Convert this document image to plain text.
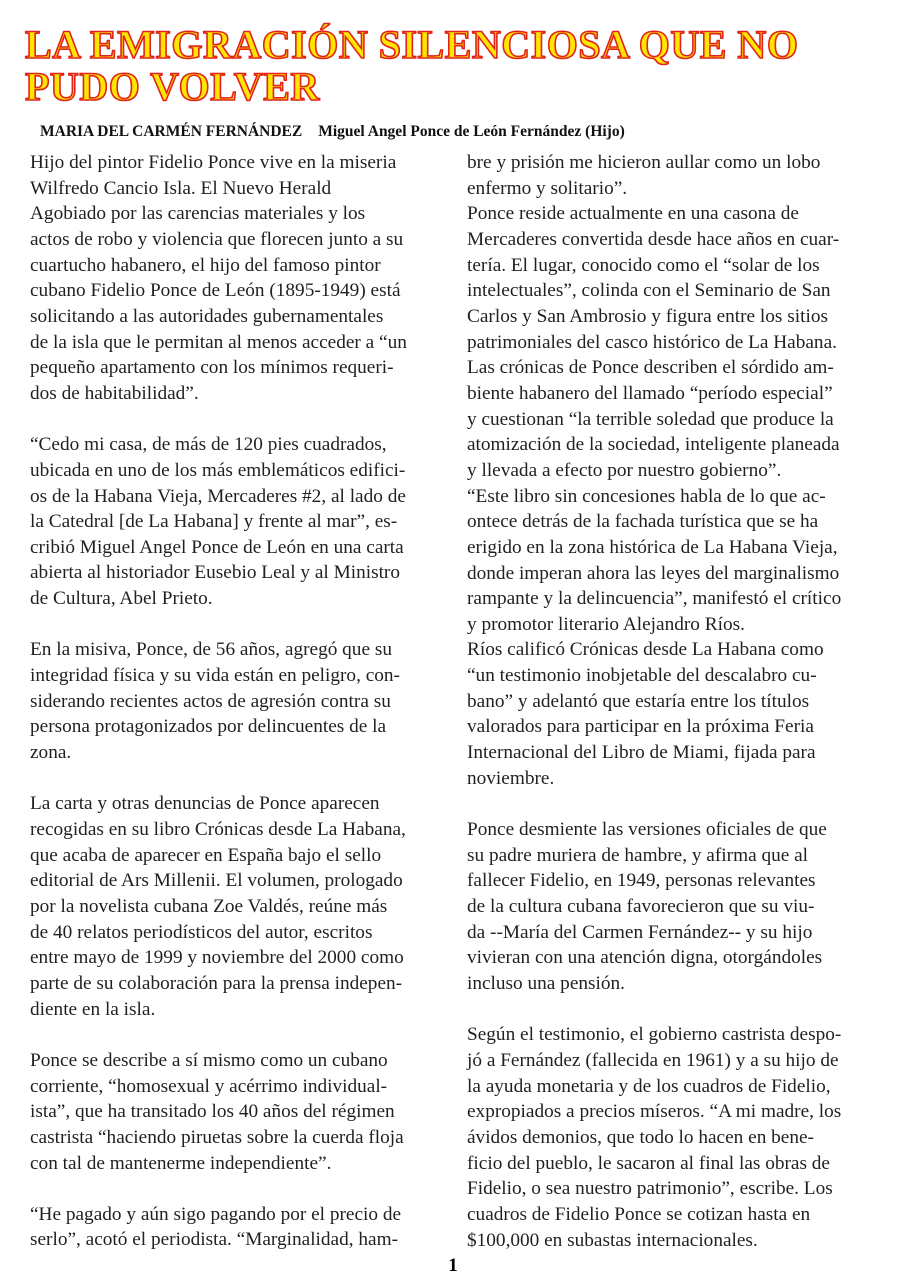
LA EMIGRACIÓN SILENCIOSA QUE NO
PUDO VOLVER
MARIA DEL CARMÉN FERNÁNDEZ Miguel Angel Ponce de León Fernández (Hijo)
Hijo del pintor Fidelio Ponce vive en la miseria
Wilfredo Cancio Isla. El Nuevo Herald
Agobiado por las carencias materiales y los
actos de robo y violencia que florecen junto a su
cuartucho habanero, el hijo del famoso pintor
cubano Fidelio Ponce de León (1895-1949) está
solicitando a las autoridades gubernamentales
de la isla que le permitan al menos acceder a “un
pequeño apartamento con los mínimos requeri-
dos de habitabilidad”.
“Cedo mi casa, de más de 120 pies cuadrados,
ubicada en uno de los más emblemáticos edifici-
os de la Habana Vieja, Mercaderes #2, al lado de
la Catedral [de La Habana] y frente al mar”, es-
cribió Miguel Angel Ponce de León en una carta
abierta al historiador Eusebio Leal y al Ministro
de Cultura, Abel Prieto.
En la misiva, Ponce, de 56 años, agregó que su
integridad física y su vida están en peligro, con-
siderando recientes actos de agresión contra su
persona protagonizados por delincuentes de la
zona.
La carta y otras denuncias de Ponce aparecen
recogidas en su libro Crónicas desde La Habana,
que acaba de aparecer en España bajo el sello
editorial de Ars Millenii. El volumen, prologado
por la novelista cubana Zoe Valdés, reúne más
de 40 relatos periodísticos del autor, escritos
entre mayo de 1999 y noviembre del 2000 como
parte de su colaboración para la prensa indepen-
diente en la isla.
Ponce se describe a sí mismo como un cubano
corriente, “homosexual y acérrimo individual-
ista”, que ha transitado los 40 años del régimen
castrista “haciendo piruetas sobre la cuerda floja
con tal de mantenerme independiente”.
“He pagado y aún sigo pagando por el precio de
serlo”, acotó el periodista. “Marginalidad, ham-
bre y prisión me hicieron aullar como un lobo
enfermo y solitario”.
Ponce reside actualmente en una casona de
Mercaderes convertida desde hace años en cuar-
tería. El lugar, conocido como el “solar de los
intelectuales”, colinda con el Seminario de San
Carlos y San Ambrosio y figura entre los sitios
patrimoniales del casco histórico de La Habana.
Las crónicas de Ponce describen el sórdido am-
biente habanero del llamado “período especial”
y cuestionan “la terrible soledad que produce la
atomización de la sociedad, inteligente planeada
y llevada a efecto por nuestro gobierno”.
“Este libro sin concesiones habla de lo que ac-
ontece detrás de la fachada turística que se ha
erigido en la zona histórica de La Habana Vieja,
donde imperan ahora las leyes del marginalismo
rampante y la delincuencia”, manifestó el crítico
y promotor literario Alejandro Ríos.
Ríos calificó Crónicas desde La Habana como
“un testimonio inobjetable del descalabro cu-
bano” y adelantó que estaría entre los títulos
valorados para participar en la próxima Feria
Internacional del Libro de Miami, fijada para
noviembre.
Ponce desmiente las versiones oficiales de que
su padre muriera de hambre, y afirma que al
fallecer Fidelio, en 1949, personas relevantes
de la cultura cubana favorecieron que su viu-
da --María del Carmen Fernández-- y su hijo
vivieran con una atención digna, otorgándoles
incluso una pensión.
Según el testimonio, el gobierno castrista despo-
jó a Fernández (fallecida en 1961) y a su hijo de
la ayuda monetaria y de los cuadros de Fidelio,
expropiados a precios míseros. “A mi madre, los
ávidos demonios, que todo lo hacen en bene-
ficio del pueblo, le sacaron al final las obras de
Fidelio, o sea nuestro patrimonio”, escribe. Los
cuadros de Fidelio Ponce se cotizan hasta en
$100,000 en subastas internacionales.
1
